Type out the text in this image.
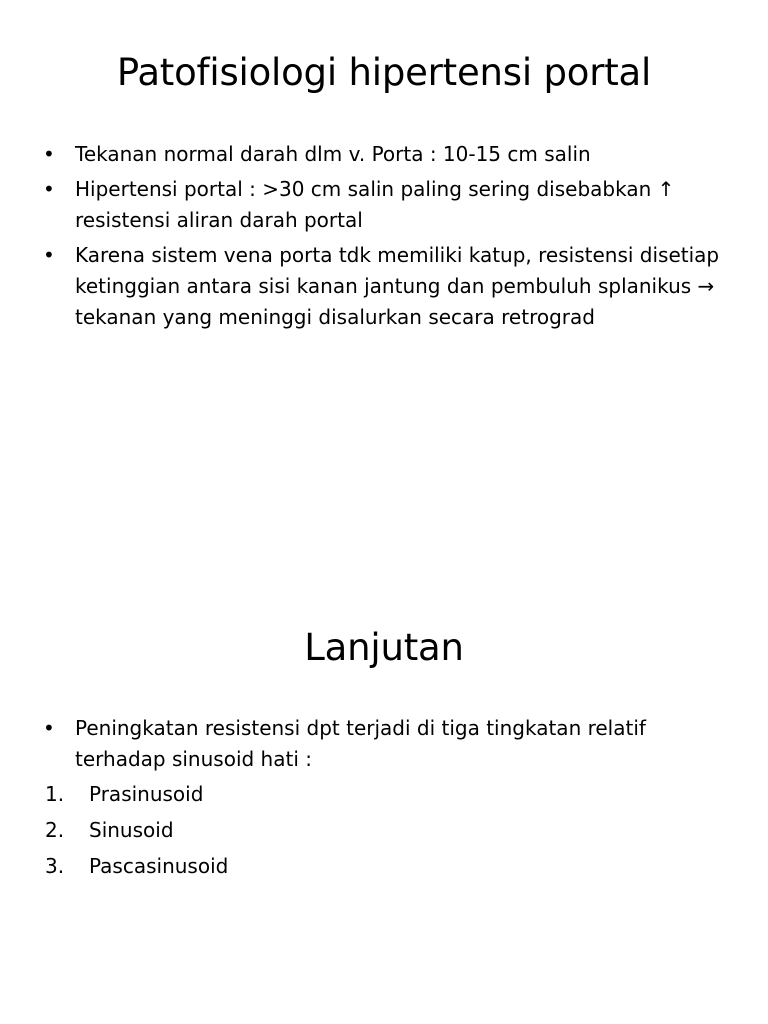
Patofisiologi hipertensi portal
• Tekanan normal darah dlm v. Porta : 10-15 cm salin
• Hipertensi portal : >30 cm salin paling sering disebabkan ↑ resistensi aliran darah portal
• Karena sistem vena porta tdk memiliki katup, resistensi disetiap ketinggian antara sisi kanan jantung dan pembuluh splanikus → tekanan yang meninggi disalurkan secara retrograd
Lanjutan
• Peningkatan resistensi dpt terjadi di tiga tingkatan relatif terhadap sinusoid hati :
1. Prasinusoid
2. Sinusoid
3. Pascasinusoid
